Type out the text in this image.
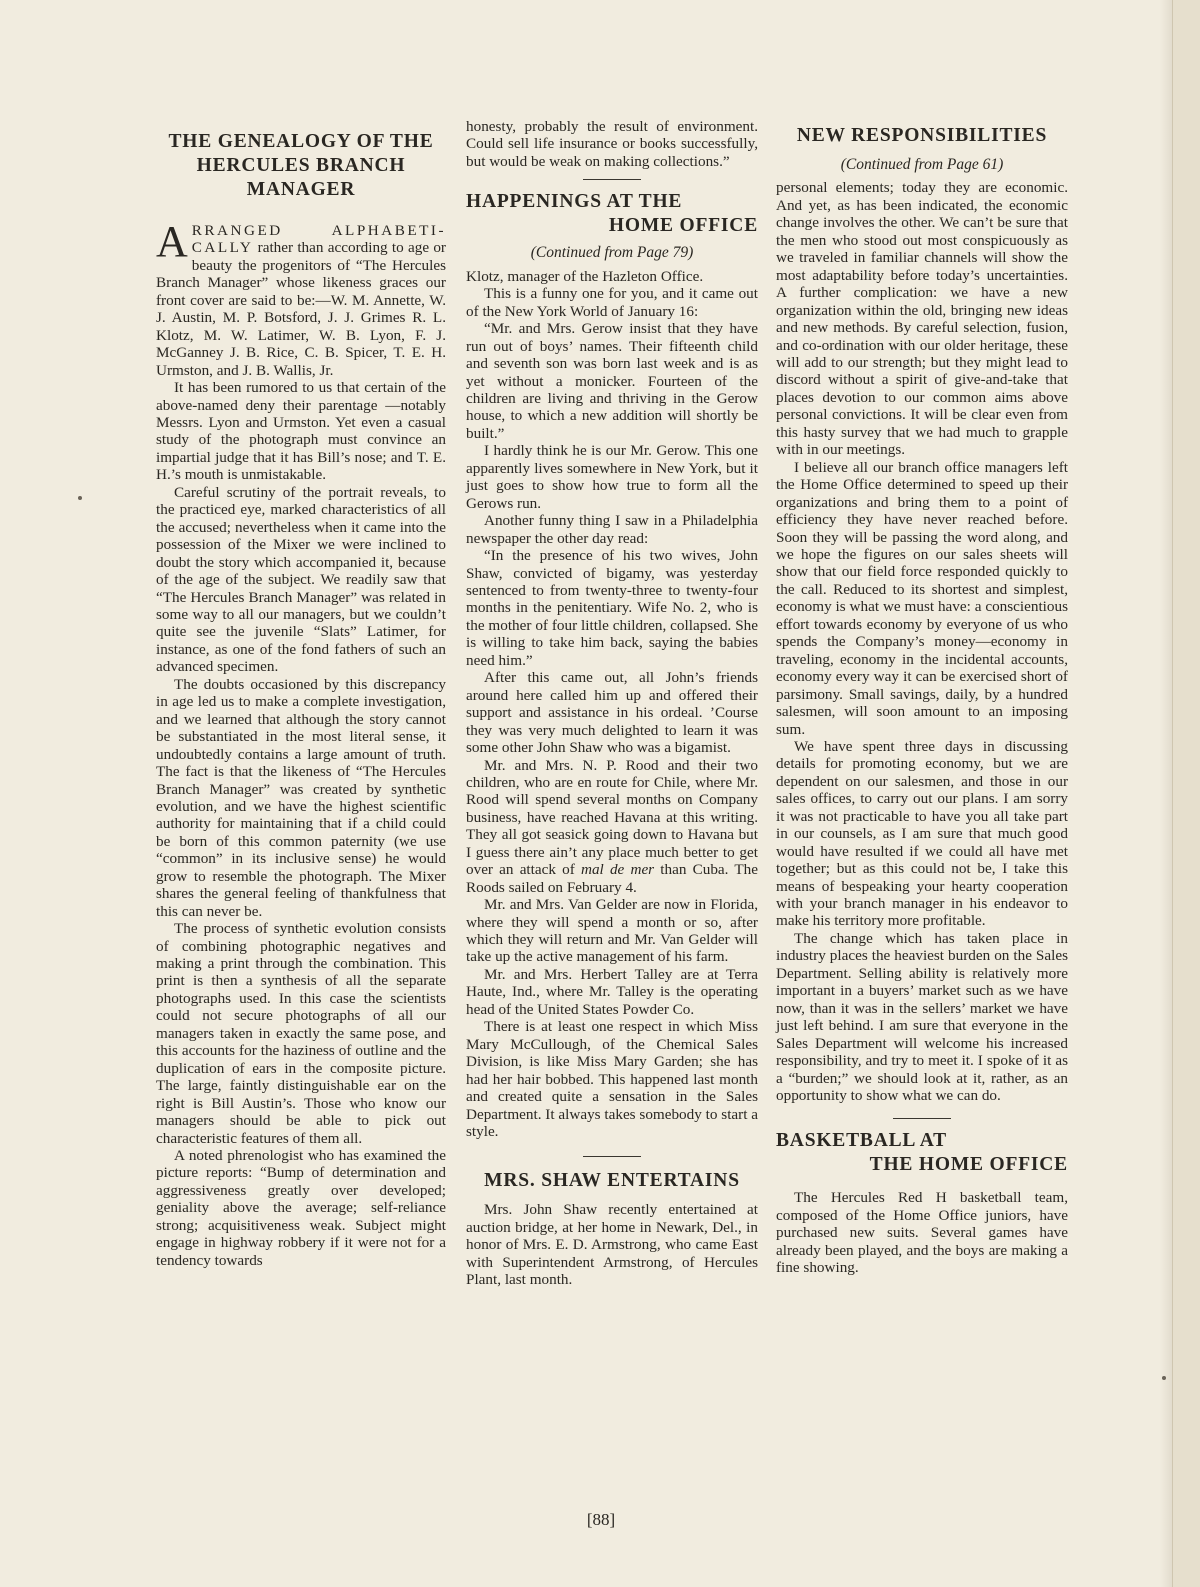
THE GENEALOGY OF THE
HERCULES BRANCH
MANAGER

ARRANGED ALPHABETI-CALLY rather than according to age or beauty the progenitors of “The Hercules Branch Manager” whose likeness graces our front cover are said to be:—W. M. Annette, W. J. Austin, M. P. Botsford, J. J. Grimes R. L. Klotz, M. W. Latimer, W. B. Lyon, F. J. McGanney J. B. Rice, C. B. Spicer, T. E. H. Urmston, and J. B. Wallis, Jr.

It has been rumored to us that certain of the above-named deny their parentage —notably Messrs. Lyon and Urmston. Yet even a casual study of the photograph must convince an impartial judge that it has Bill’s nose; and T. E. H.’s mouth is unmistakable.

Careful scrutiny of the portrait reveals, to the practiced eye, marked characteristics of all the accused; nevertheless when it came into the possession of the Mixer we were inclined to doubt the story which accompanied it, because of the age of the subject. We readily saw that “The Hercules Branch Manager” was related in some way to all our managers, but we couldn’t quite see the juvenile “Slats” Latimer, for instance, as one of the fond fathers of such an advanced specimen.

The doubts occasioned by this discrepancy in age led us to make a complete investigation, and we learned that although the story cannot be substantiated in the most literal sense, it undoubtedly contains a large amount of truth. The fact is that the likeness of “The Hercules Branch Manager” was created by synthetic evolution, and we have the highest scientific authority for maintaining that if a child could be born of this common paternity (we use “common” in its inclusive sense) he would grow to resemble the photograph. The Mixer shares the general feeling of thankfulness that this can never be.

The process of synthetic evolution consists of combining photographic negatives and making a print through the combination. This print is then a synthesis of all the separate photographs used. In this case the scientists could not secure photographs of all our managers taken in exactly the same pose, and this accounts for the haziness of outline and the duplication of ears in the composite picture. The large, faintly distinguishable ear on the right is Bill Austin’s. Those who know our managers should be able to pick out characteristic features of them all.

A noted phrenologist who has examined the picture reports: “Bump of determination and aggressiveness greatly over developed; geniality above the average; self-reliance strong; acquisitiveness weak. Subject might engage in highway robbery if it were not for a tendency towards

honesty, probably the result of environment. Could sell life insurance or books successfully, but would be weak on making collections.”

HAPPENINGS AT THE
HOME OFFICE
(Continued from Page 79)

Klotz, manager of the Hazleton Office.

This is a funny one for you, and it came out of the New York World of January 16:

“Mr. and Mrs. Gerow insist that they have run out of boys’ names. Their fifteenth child and seventh son was born last week and is as yet without a monicker. Fourteen of the children are living and thriving in the Gerow house, to which a new addition will shortly be built.”

I hardly think he is our Mr. Gerow. This one apparently lives somewhere in New York, but it just goes to show how true to form all the Gerows run.

Another funny thing I saw in a Philadelphia newspaper the other day read:

“In the presence of his two wives, John Shaw, convicted of bigamy, was yesterday sentenced to from twenty-three to twenty-four months in the penitentiary. Wife No. 2, who is the mother of four little children, collapsed. She is willing to take him back, saying the babies need him.”

After this came out, all John’s friends around here called him up and offered their support and assistance in his ordeal. ’Course they was very much delighted to learn it was some other John Shaw who was a bigamist.

Mr. and Mrs. N. P. Rood and their two children, who are en route for Chile, where Mr. Rood will spend several months on Company business, have reached Havana at this writing. They all got seasick going down to Havana but I guess there ain’t any place much better to get over an attack of mal de mer than Cuba. The Roods sailed on February 4.

Mr. and Mrs. Van Gelder are now in Florida, where they will spend a month or so, after which they will return and Mr. Van Gelder will take up the active management of his farm.

Mr. and Mrs. Herbert Talley are at Terra Haute, Ind., where Mr. Talley is the operating head of the United States Powder Co.

There is at least one respect in which Miss Mary McCullough, of the Chemical Sales Division, is like Miss Mary Garden; she has had her hair bobbed. This happened last month and created quite a sensation in the Sales Department. It always takes somebody to start a style.

MRS. SHAW ENTERTAINS

Mrs. John Shaw recently entertained at auction bridge, at her home in Newark, Del., in honor of Mrs. E. D. Armstrong, who came East with Superintendent Armstrong, of Hercules Plant, last month.

NEW RESPONSIBILITIES
(Continued from Page 61)

personal elements; today they are economic. And yet, as has been indicated, the economic change involves the other. We can’t be sure that the men who stood out most conspicuously as we traveled in familiar channels will show the most adaptability before today’s uncertainties. A further complication: we have a new organization within the old, bringing new ideas and new methods. By careful selection, fusion, and co-ordination with our older heritage, these will add to our strength; but they might lead to discord without a spirit of give-and-take that places devotion to our common aims above personal convictions. It will be clear even from this hasty survey that we had much to grapple with in our meetings.

I believe all our branch office managers left the Home Office determined to speed up their organizations and bring them to a point of efficiency they have never reached before. Soon they will be passing the word along, and we hope the figures on our sales sheets will show that our field force responded quickly to the call. Reduced to its shortest and simplest, economy is what we must have: a conscientious effort towards economy by everyone of us who spends the Company’s money—economy in traveling, economy in the incidental accounts, economy every way it can be exercised short of parsimony. Small savings, daily, by a hundred salesmen, will soon amount to an imposing sum.

We have spent three days in discussing details for promoting economy, but we are dependent on our salesmen, and those in our sales offices, to carry out our plans. I am sorry it was not practicable to have you all take part in our counsels, as I am sure that much good would have resulted if we could all have met together; but as this could not be, I take this means of bespeaking your hearty cooperation with your branch manager in his endeavor to make his territory more profitable.

The change which has taken place in industry places the heaviest burden on the Sales Department. Selling ability is relatively more important in a buyers’ market such as we have now, than it was in the sellers’ market we have just left behind. I am sure that everyone in the Sales Department will welcome his increased responsibility, and try to meet it. I spoke of it as a “burden;” we should look at it, rather, as an opportunity to show what we can do.

BASKETBALL AT
THE HOME OFFICE

The Hercules Red H basketball team, composed of the Home Office juniors, have purchased new suits. Several games have already been played, and the boys are making a fine showing.

[88]
